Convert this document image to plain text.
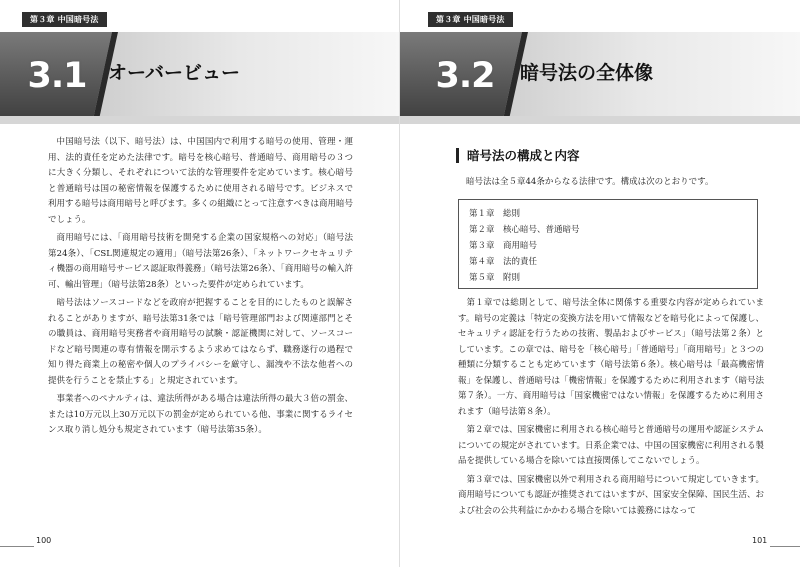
第３章 中国暗号法
3.1	オーバービュー

中国暗号法（以下、暗号法）は、中国国内で利用する暗号の使用、管理・運用、法的責任を定めた法律です。暗号を核心暗号、普通暗号、商用暗号の３つに大きく分類し、それぞれについて法的な管理要件を定めています。核心暗号と普通暗号は国の秘密情報を保護するために使用される暗号です。ビジネスで利用する暗号は商用暗号と呼びます。多くの組織にとって注意すべきは商用暗号でしょう。

商用暗号には、「商用暗号技術を開発する企業の国家規格への対応」（暗号法第24条）、「CSL関連規定の適用」（暗号法第26条）、「ネットワークセキュリティ機器の商用暗号サービス認証取得義務」（暗号法第26条）、「商用暗号の輸入許可、輸出管理」（暗号法第28条）といった要件が定められています。

暗号法はソースコードなどを政府が把握することを目的にしたものと誤解されることがありますが、暗号法第31条では「暗号管理部門および関連部門とその職員は、商用暗号実務者や商用暗号の試験・認証機関に対して、ソースコードなど暗号関連の専有情報を開示するよう求めてはならず、職務遂行の過程で知り得た商業上の秘密や個人のプライバシーを厳守し、漏洩や不法な他者への提供を行うことを禁止する」と規定されています。

事業者へのペナルティは、違法所得がある場合は違法所得の最大３倍の罰金、または10万元以上30万元以下の罰金が定められている他、事業に関するライセンス取り消し処分も規定されています（暗号法第35条）。

100
第３章 中国暗号法
3.2	暗号法の全体像
暗号法の構成と内容
暗号法は全５章44条からなる法律です。構成は次のとおりです。
第１章 総則
第２章 核心暗号、普通暗号
第３章 商用暗号
第４章 法的責任
第５章 附則

第１章では総則として、暗号法全体に関係する重要な内容が定められています。暗号の定義は「特定の変換方法を用いて情報などを暗号化によって保護し、セキュリティ認証を行うための技術、製品およびサービス」（暗号法第２条）としています。この章では、暗号を「核心暗号」「普通暗号」「商用暗号」と３つの種類に分類することも定めています（暗号法第６条）。核心暗号は「最高機密情報」を保護し、普通暗号は「機密情報」を保護するために利用されます（暗号法第７条）。一方、商用暗号は「国家機密ではない情報」を保護するために利用されます（暗号法第８条）。

第２章では、国家機密に利用される核心暗号と普通暗号の運用や認証システムについての規定がされています。日系企業では、中国の国家機密に利用される製品を提供している場合を除いては直接関係してこないでしょう。

第３章では、国家機密以外で利用される商用暗号について規定していきます。商用暗号についても認証が推奨されてはいますが、国家安全保障、国民生活、および社会の公共利益にかかわる場合を除いては義務にはなって

101
